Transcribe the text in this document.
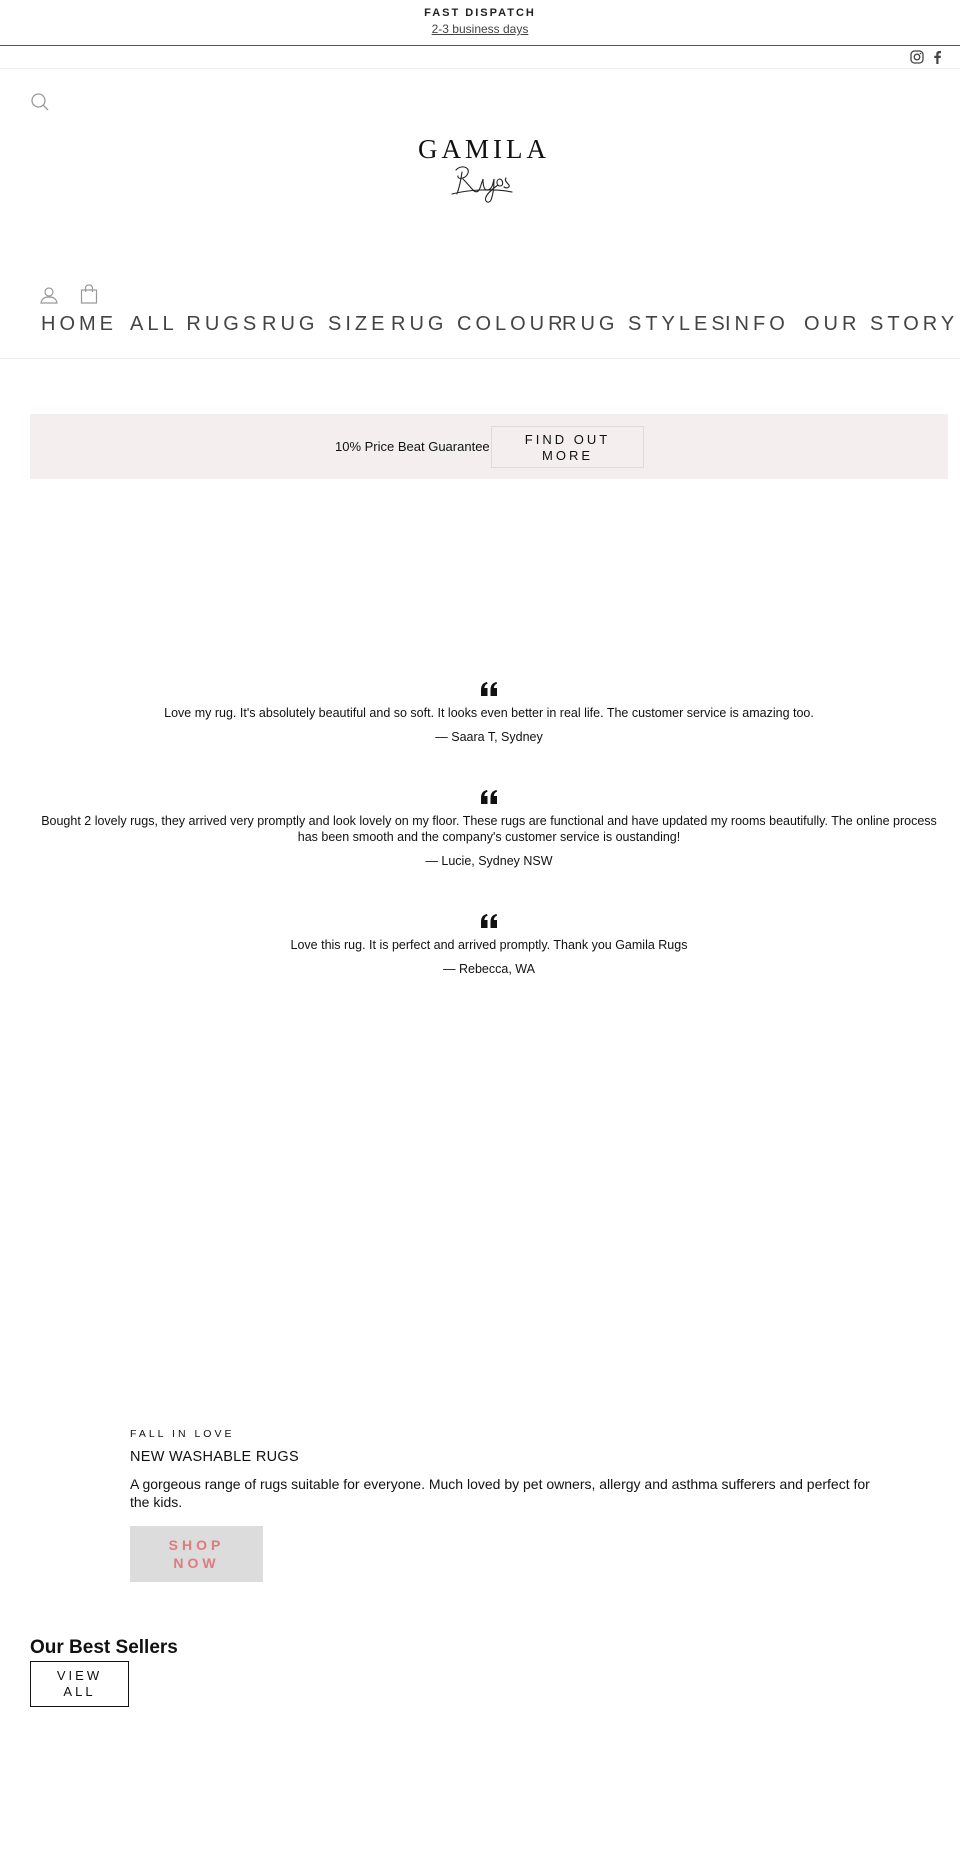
FAST DISPATCH
2-3 business days
GAMILA
HOME ALL RUGS RUG SIZE RUG COLOUR
RUG STYLES
INFO OUR STORY
10% Price Beat Guarantee	FIND OUT
MORE
Love my rug. It's absolutely beautiful and so soft. It looks even better in real life. The customer service is amazing too.
— Saara T, Sydney
Bought 2 lovely rugs, they arrived very promptly and look lovely on my floor. These rugs are functional and have updated my rooms beautifully. The online process has been smooth and the company's customer service is oustanding!
— Lucie, Sydney NSW
Love this rug. It is perfect and arrived promptly. Thank you Gamila Rugs
— Rebecca, WA
FALL IN LOVE
NEW WASHABLE RUGS
A gorgeous range of rugs suitable for everyone. Much loved by pet owners, allergy and asthma sufferers and perfect for the kids.
SHOP
NOW
Our Best Sellers
VIEW
ALL
